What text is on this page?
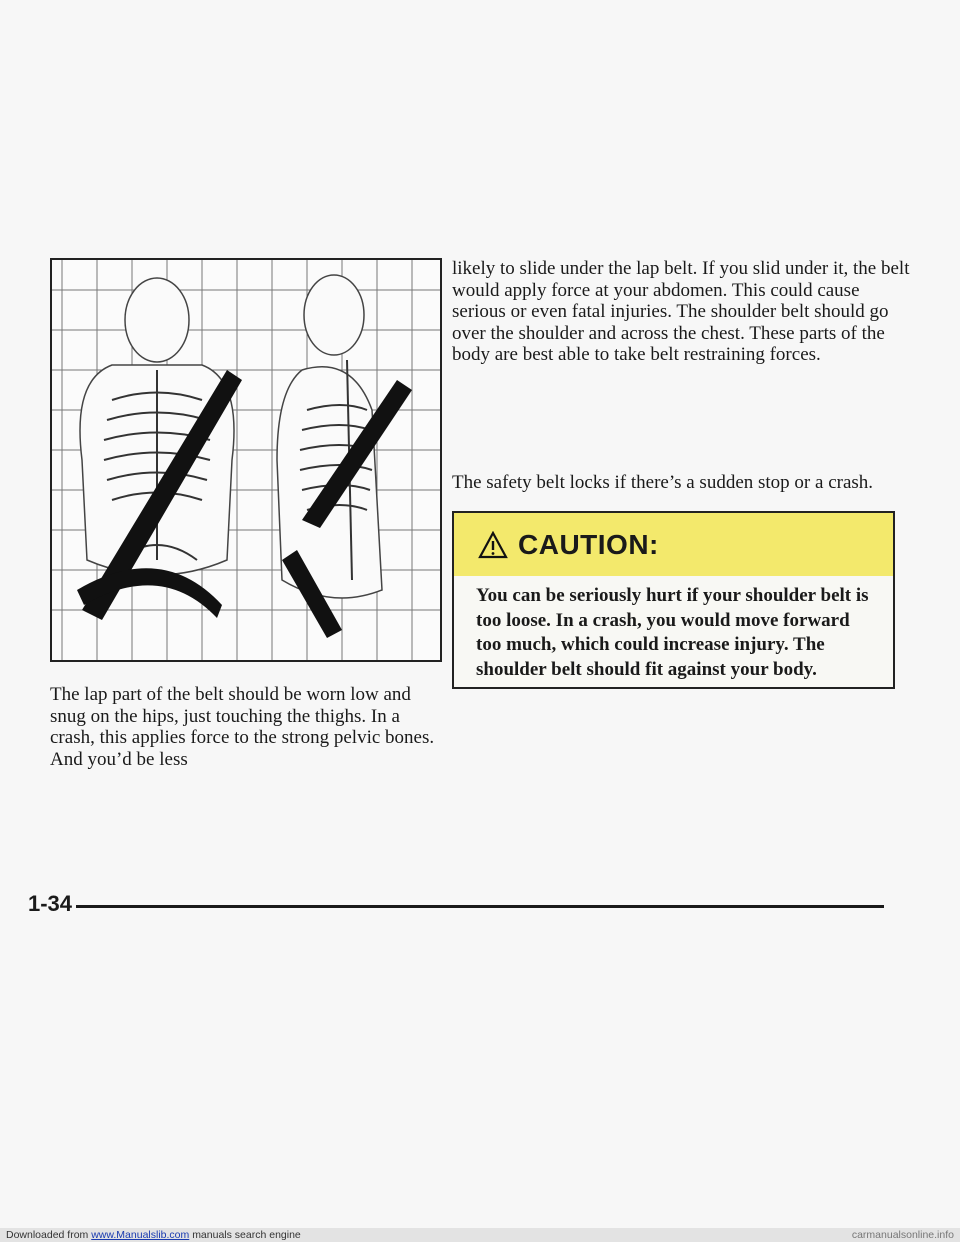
The lap part of the belt should be worn low and snug on the hips, just touching the thighs. In a crash, this applies force to the strong pelvic bones. And you’d be less

likely to slide under the lap belt. If you slid under it, the belt would apply force at your abdomen. This could cause serious or even fatal injuries. The shoulder belt should go over the shoulder and across the chest. These parts of the body are best able to take belt restraining forces.

The safety belt locks if there’s a sudden stop or a crash.

CAUTION:

You can be seriously hurt if your shoulder belt is too loose. In a crash, you would move forward too much, which could increase injury. The shoulder belt should fit against your body.

1-34
Downloaded from www.Manualslib.com manuals search engine	carmanualsonline.info
